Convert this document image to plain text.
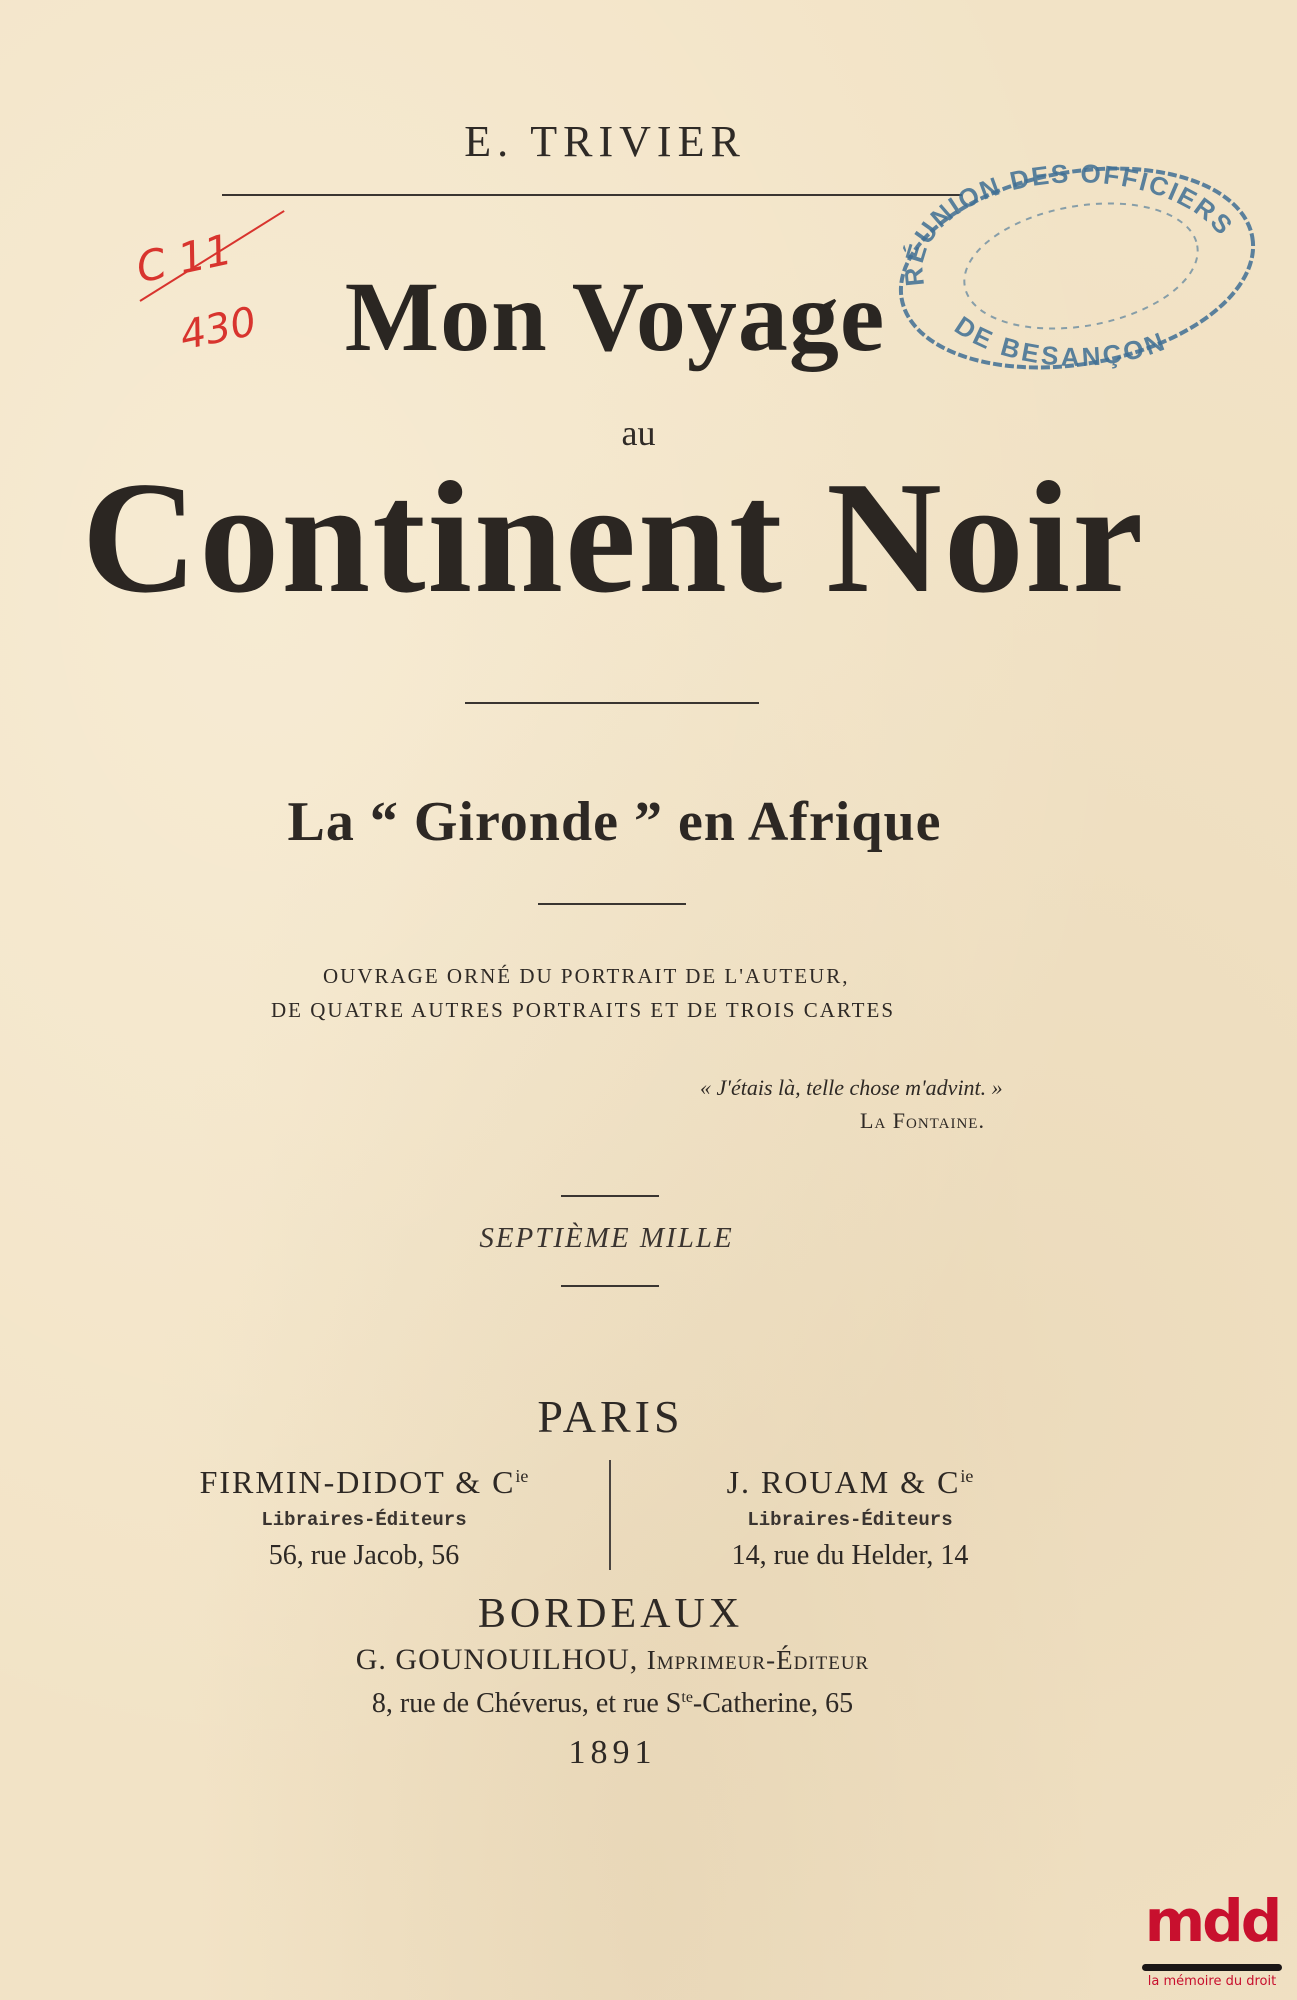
E. TRIVIER
C 11
430
RÉUNION DES OFFICIERS
DE BESANÇON
Mon Voyage
au
Continent Noir
La “ Gironde ” en Afrique
OUVRAGE ORNÉ DU PORTRAIT DE L'AUTEUR,
DE QUATRE AUTRES PORTRAITS ET DE TROIS CARTES
« J'étais là, telle chose m'advint. »
La Fontaine.
SEPTIÈME MILLE
PARIS
FIRMIN-DIDOT & $C^{ie}$
Libraires-Éditeurs
56, rue Jacob, 56
J. ROUAM & $C^{ie}$
Libraires-Éditeurs
14, rue du Helder, 14
BORDEAUX
G. GOUNOUILHOU, Imprimeur-Éditeur
8, rue de Chéverus, et rue $S^{te}$-Catherine, 65
1891
mdd
la mémoire du droit
